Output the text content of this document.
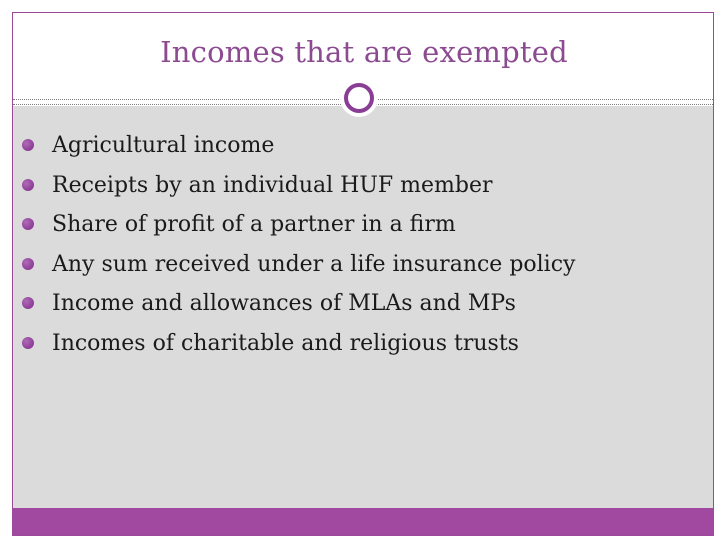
Incomes that are exempted
Agricultural income
Receipts by an individual HUF member
Share of profit of a partner in a firm
Any sum received under a life insurance policy
Income and allowances of MLAs and MPs
Incomes of charitable and religious trusts
